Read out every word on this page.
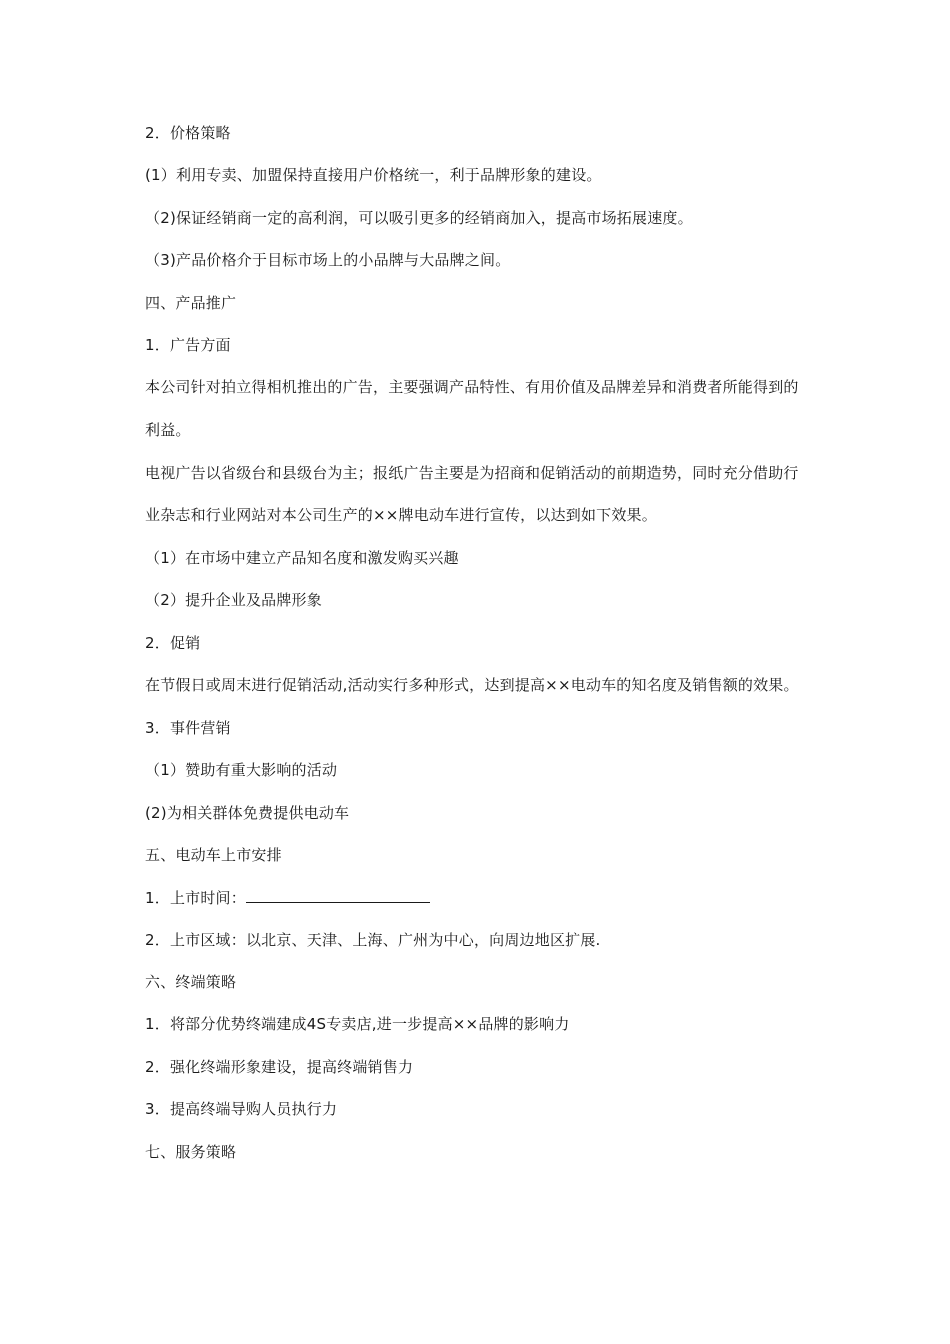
2．价格策略
(1）利用专卖、加盟保持直接用户价格统一，利于品牌形象的建设。
（2)保证经销商一定的高利润，可以吸引更多的经销商加入，提高市场拓展速度。
（3)产品价格介于目标市场上的小品牌与大品牌之间。
四、产品推广
1．广告方面
本公司针对拍立得相机推出的广告，主要强调产品特性、有用价值及品牌差异和消费者所能得到的利益。
电视广告以省级台和县级台为主；报纸广告主要是为招商和促销活动的前期造势，同时充分借助行业杂志和行业网站对本公司生产的××牌电动车进行宣传，以达到如下效果。
（1）在市场中建立产品知名度和激发购买兴趣
（2）提升企业及品牌形象
2．促销
在节假日或周末进行促销活动,活动实行多种形式，达到提高××电动车的知名度及销售额的效果。
3．事件营销
（1）赞助有重大影响的活动
(2)为相关群体免费提供电动车
五、电动车上市安排
1．上市时间：
2．上市区域：以北京、天津、上海、广州为中心，向周边地区扩展.
六、终端策略
1．将部分优势终端建成4S专卖店,进一步提高××品牌的影响力
2．强化终端形象建设，提高终端销售力
3．提高终端导购人员执行力
七、服务策略
